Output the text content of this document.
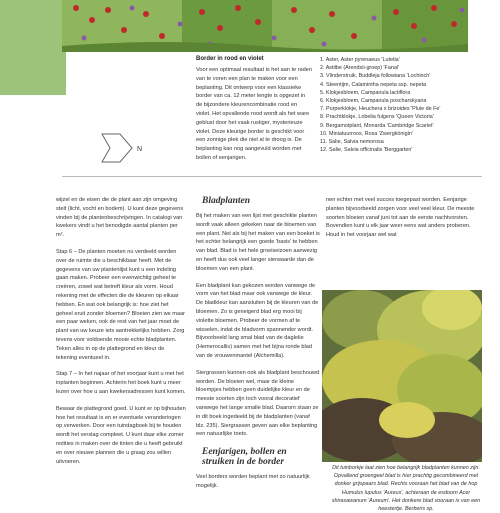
N
Border in rood en violet
Voor een optimaal resultaat is het aan te raden van te voren een plan te maken voor een beplanting. Dit ontwerp voor een klassieke border van ca. 12 meter lengte is opgezet in de bijzondere kleurencombinatie rood en violet. Het opvallende rood wordt als het ware geblust door het vaak rustiger, mysterieuze violet. Deze kleurige border is geschikt voor een zonnige plek die niet al te droog is. De beplanting kan nog aangevuld worden met bollen of eenjarigen.
1. Aster, Aster pyrenaeus 'Lutetia'
2. Astilbe (Arendsii-groep) 'Fanal'
3. Vlinderstruik, Buddleja followiana 'Lochinch'
4. Steentijm, Calamintha nepeta ssp. nepeta
5. Klokjesbloem, Campanula lactiflora
6. Klokjesbloem, Campanula poscharskyana
7. Purperklokje, Heuchera x brizoides 'Pluie de Fe'
8. Prachtklokje, Lobelia fulgens 'Queen Victoria'
9. Bergamotplant, Monarda 'Cambridge Scarlet'
10. Miniatuurroos, Rosa 'Zwergkönigin'
11. Salie, Salvia nemorosa
12. Salie, Salvia officinalis 'Berggarten'

wijzel en de eisen die de plant aan zijn omgeving stelt (licht, vocht en bodem). U kunt deze gegevens vinden bij de plantenbeschrijvingen. In catalogi van kwekers vindt u het benodigde aantal planten per m².

Stap 6 – De planten moeten nu verdeeld worden over de ruimte die u beschikbaar heeft. Met de gegevens van uw plantenlijst kunt u een indeling gaan maken. Probeer een evenwichtig geheel te creëren, zowel wat betreft kleur als vorm. Houd rekening met de effecten die de kleuren op elkaar hebben. En wat ook belangrijk is: hoe ziet het geheel eruit zonder bloemen? Bloeien zien we maar een paar weken, ook de rest van het jaar moet de plant van uw keuze iets aantrekkelijks hebben. Zorg tevens voor voldoende mooie echte bladplanten. Teken alles in op de plattegrond en kleur de tekening eventueel in.

Stap 7 – In het najaar of het voorjaar kunt u met het inplanten beginnen. Achterin het boek kunt u meer lezen over hoe u aan kwekersadressen kunt komen.

Bewaar de plattegrond goed. U kunt er op bijhouden hoe het resultaat is en er eventuele veranderingen op verwerken. Door een tuindagboek bij te houden wordt het verslag compleet. U kunt daar elke zomer notities in maken over de tinten die u heeft gebruikt en over nieuwe plannen die u graag zou willen uitvoeren.

Bladplanten

Bij het maken van een lijst met geschikte planten wordt vaak alleen gekeken naar de bloemen van een plant. Net als bij het maken van een boeket is het echter belangrijk een goede 'basis' te hebben van blad. Blad is het hele groeiseizoen aanwezig en heeft dus ook veel langer sierwaarde dan de bloemen van een plant.

Een bladplant kan gekozen worden vanwege de vorm van het blad maar ook vanwege de kleur. De bladkleur kan aansluiten bij de kleuren van de bloemen. Zo is geneigerd blad erg mooi bij violette bloemen. Probeer de vormen af te wisselen, indat de bladvorm spannender wordt. Bijvoorbeeld lang smal blad van de daglelie (Hemerocallis) samen met het bijna ronde blad van de vrouwenmantel (Alchemilla).

Siergrassen kunnen ook als bladplant beschouwd worden. De bloeien wel, maar de kleine bloempjes hebben geen duidelijke kleur en de meeste soorten zijn toch vooral decoratief vanwege het lange smalle blad. Daarom staan ze in dit boek ingedeeld bij de bladplanten (vanaf blz. 235). Siergrassen geven aan elke beplanting een natuurlijke toets.

Eenjarigen, bollen en struiken in de border
Veel borders worden beplant met zo natuurlijk mogelijk.
nen echter met veel succes toegepast worden. Eenjarige planten bijvoorbeeld zorgen voor veel veel kleur. De meeste soorten bloeien vanaf juni tot aan de eerste nachtvorsten. Bovendien kunt u elk jaar weer eens wat anders proberen. Houd in het voorjaar wel wat
Dit tuinborkje laat zien hoe belangrijk bladplanten kunnen zijn. Opvallend groengeel blad is hier prachtig gecombineerd met donker grijspaars blad. Rechts vooraan het blad van de hop Humulus lupulus 'Aureus', achteraan de esdoorn Acer shirasawanum 'Aureum'. Het donkere blad vooraan is van een heestertje. Berberis sp.
